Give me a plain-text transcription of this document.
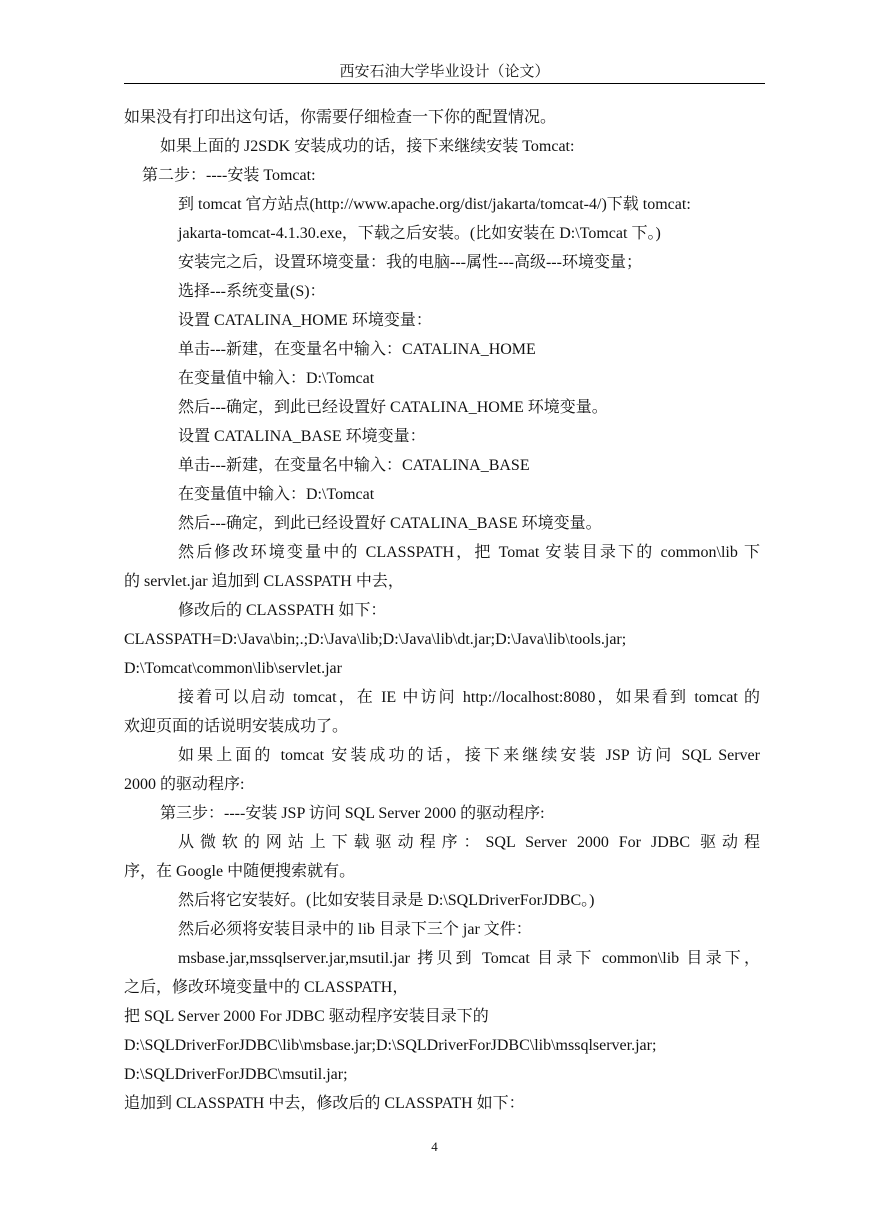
西安石油大学毕业设计（论文）
如果没有打印出这句话，你需要仔细检查一下你的配置情况。
如果上面的 J2SDK 安装成功的话，接下来继续安装 Tomcat:
第二步：----安装 Tomcat:
到 tomcat 官方站点(http://www.apache.org/dist/jakarta/tomcat-4/)下载 tomcat:
jakarta-tomcat-4.1.30.exe，下载之后安装。(比如安装在 D:\Tomcat 下。)
安装完之后，设置环境变量：我的电脑---属性---高级---环境变量；
选择---系统变量(S)：
设置 CATALINA_HOME 环境变量：
单击---新建，在变量名中输入：CATALINA_HOME
在变量值中输入：D:\Tomcat
然后---确定，到此已经设置好 CATALINA_HOME 环境变量。
设置 CATALINA_BASE 环境变量：
单击---新建，在变量名中输入：CATALINA_BASE
在变量值中输入：D:\Tomcat
然后---确定，到此已经设置好 CATALINA_BASE 环境变量。
然后修改环境变量中的 CLASSPATH，把 Tomat 安装目录下的 common\lib 下
的 servlet.jar 追加到 CLASSPATH 中去，
修改后的 CLASSPATH 如下：
CLASSPATH=D:\Java\bin;.;D:\Java\lib;D:\Java\lib\dt.jar;D:\Java\lib\tools.jar;
D:\Tomcat\common\lib\servlet.jar
接着可以启动 tomcat，在 IE 中访问 http://localhost:8080，如果看到 tomcat 的
欢迎页面的话说明安装成功了。
如果上面的 tomcat 安装成功的话，接下来继续安装 JSP 访问 SQL Server
2000 的驱动程序:
第三步：----安装 JSP 访问 SQL Server 2000 的驱动程序:
从微软的网站上下载驱动程序：SQL Server 2000 For JDBC 驱动程
序，在 Google 中随便搜索就有。
然后将它安装好。(比如安装目录是 D:\SQLDriverForJDBC。)
然后必须将安装目录中的 lib 目录下三个 jar 文件：
msbase.jar,mssqlserver.jar,msutil.jar 拷贝到 Tomcat 目录下 common\lib 目录下，
之后，修改环境变量中的 CLASSPATH，
把 SQL Server 2000 For JDBC 驱动程序安装目录下的
D:\SQLDriverForJDBC\lib\msbase.jar;D:\SQLDriverForJDBC\lib\mssqlserver.jar;
D:\SQLDriverForJDBC\msutil.jar;
追加到 CLASSPATH 中去，修改后的 CLASSPATH 如下：
4
